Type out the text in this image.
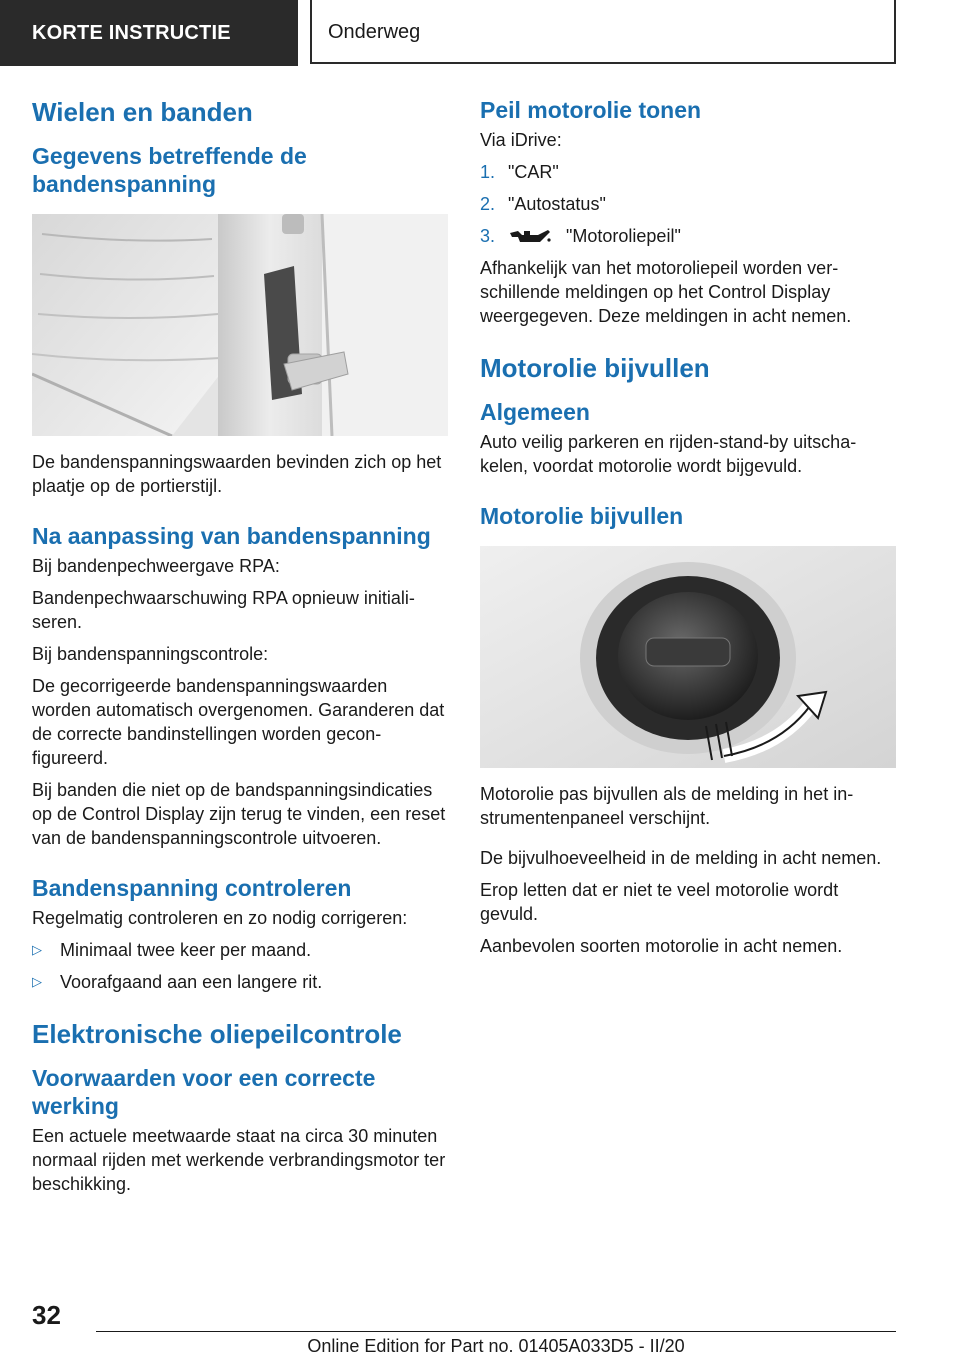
KORTE INSTRUCTIE	Onderweg
Wielen en banden
Gegevens betreffende de bandenspanning

De bandenspanningswaarden bevinden zich op het plaatje op de portierstijl.

Na aanpassing van bandenspanning

Bij bandenpechweergave RPA:

Bandenpechwaarschuwing RPA opnieuw initialiseren.

Bij bandenspanningscontrole:

De gecorrigeerde bandenspanningswaarden worden automatisch overgenomen. Garanderen dat de correcte bandinstellingen worden geconfigureerd.

Bij banden die niet op de bandspanningsindicaties op de Control Display zijn terug te vinden, een reset van de bandenspanningscontrole uitvoeren.

Bandenspanning controleren

Regelmatig controleren en zo nodig corrigeren:

▷	Minimaal twee keer per maand.
▷	Voorafgaand aan een langere rit.
Elektronische oliepeilcontrole
Voorwaarden voor een correcte werking

Een actuele meetwaarde staat na circa 30 minuten normaal rijden met werkende verbrandingsmotor ter beschikking.

Peil motorolie tonen

Via iDrive:

1. "CAR"
2. "Autostatus"
3.	"Motoroliepeil"

Afhankelijk van het motoroliepeil worden verschillende meldingen op het Control Display weergegeven. Deze meldingen in acht nemen.

Motorolie bijvullen
Algemeen

Auto veilig parkeren en rijden-stand-by uitschakelen, voordat motorolie wordt bijgevuld.

Motorolie bijvullen

Motorolie pas bijvullen als de melding in het instrumentenpaneel verschijnt.

De bijvulhoeveelheid in de melding in acht nemen.

Erop letten dat er niet te veel motorolie wordt gevuld.

Aanbevolen soorten motorolie in acht nemen.

32
Online Edition for Part no. 01405A033D5 - II/20
